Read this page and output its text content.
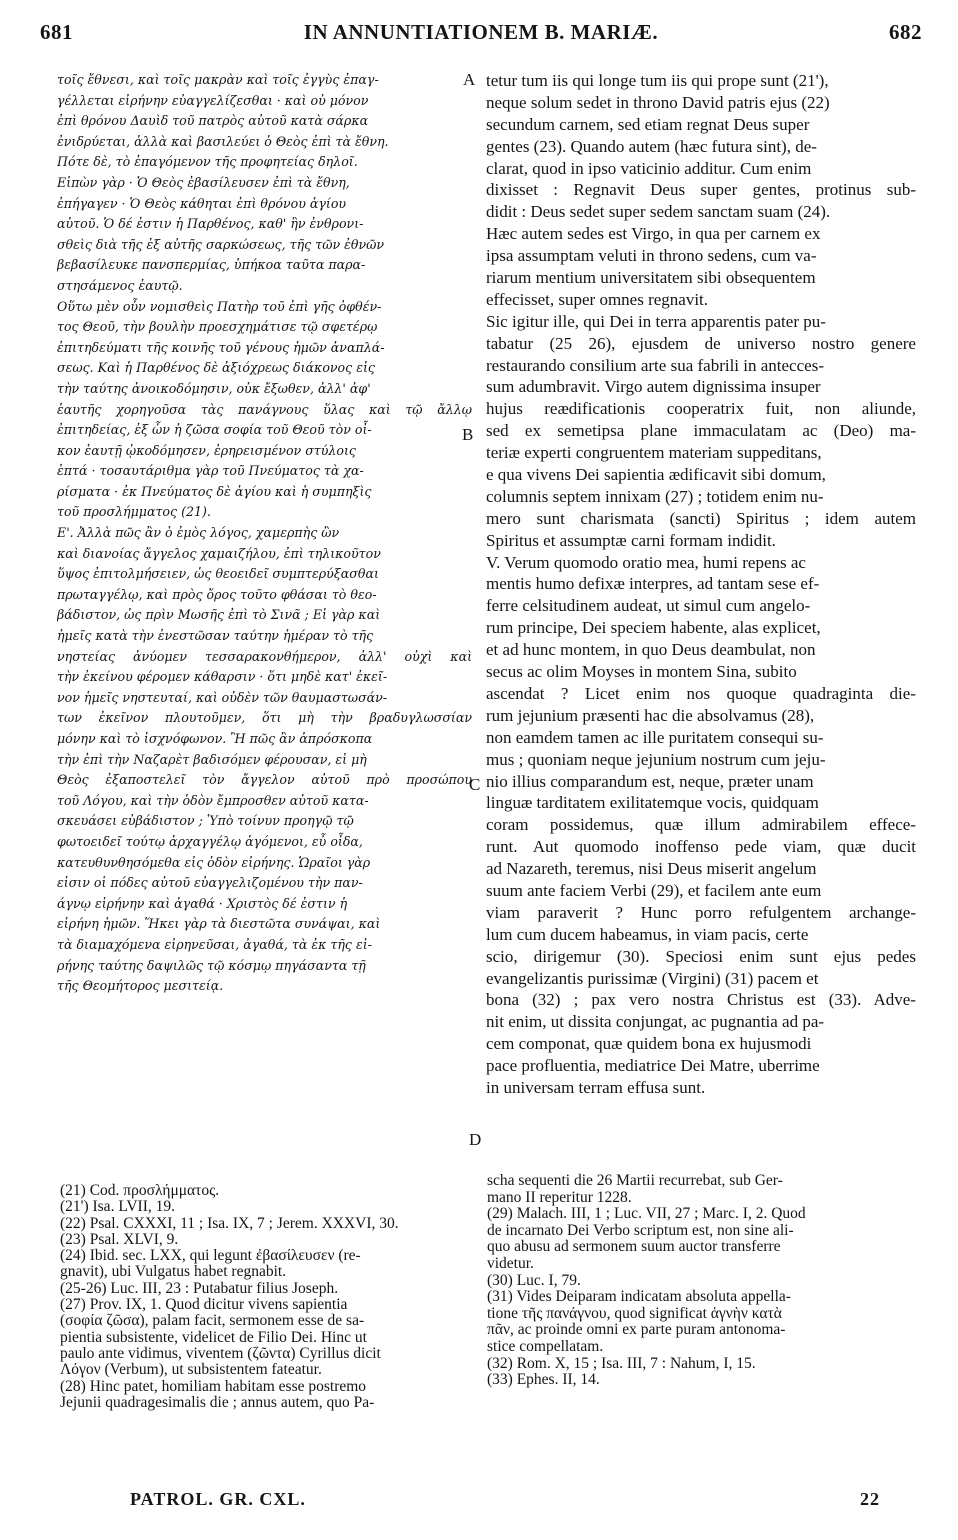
681	IN ANNUNTIATIONEM B. MARIÆ.	682
τοῖς ἔθνεσι, καὶ τοῖς μακρὰν καὶ τοῖς ἐγγὺς ἐπαγ-
γέλλεται εἰρήνην εὐαγγελίζεσθαι · καὶ οὐ μόνον
ἐπὶ θρόνου Δαυὶδ τοῦ πατρὸς αὐτοῦ κατὰ σάρκα
ἐνιδρύεται, ἀλλὰ καὶ βασιλεύει ὁ Θεὸς ἐπὶ τὰ ἔθνη.
Πότε δὲ, τὸ ἐπαγόμενον τῆς προφητείας δηλοῖ.
Εἰπὼν γὰρ · Ὁ Θεὸς ἐβασίλευσεν ἐπὶ τὰ ἔθνη,
ἐπήγαγεν · Ὁ Θεὸς κάθηται ἐπὶ θρόνου ἁγίου
αὐτοῦ. Ὁ δέ ἐστιν ἡ Παρθένος, καθ' ἣν ἐνθρονι-
σθεὶς διὰ τῆς ἐξ αὐτῆς σαρκώσεως, τῆς τῶν ἐθνῶν
βεβασίλευκε πανσπερμίας, ὑπήκοα ταῦτα παρα-
στησάμενος ἑαυτῷ.
Οὕτω μὲν οὖν νομισθεὶς Πατὴρ τοῦ ἐπὶ γῆς ὀφθέν-
τος Θεοῦ, τὴν βουλὴν προεσχημάτισε τῷ σφετέρῳ
ἐπιτηδεύματι τῆς κοινῆς τοῦ γένους ἡμῶν ἀναπλά-
σεως. Καὶ ἡ Παρθένος δὲ ἀξιόχρεως διάκονος εἰς
τὴν ταύτης ἀνοικοδόμησιν, οὐκ ἔξωθεν, ἀλλ' ἀφ'
ἑαυτῆς χορηγοῦσα τὰς πανάγνους ὕλας καὶ τῷ ἄλλῳ
ἐπιτηδείας, ἐξ ὧν ἡ ζῶσα σοφία τοῦ Θεοῦ τὸν οἶ-
κον ἑαυτῇ ᾠκοδόμησεν, ἐρηρεισμένον στύλοις
ἑπτά · τοσαυτάριθμα γὰρ τοῦ Πνεύματος τὰ χα-
ρίσματα · ἐκ Πνεύματος δὲ ἁγίου καὶ ἡ συμπηξὶς
τοῦ προσλήμματος (21).
Ε'. Ἀλλὰ πῶς ἂν ὁ ἐμὸς λόγος, χαμερπὴς ὢν
καὶ διανοίας ἄγγελος χαμαιζήλου, ἐπὶ τηλικοῦτον
ὕψος ἐπιτολμήσειεν, ὡς θεοειδεῖ συμπτερύξασθαι
πρωταγγέλῳ, καὶ πρὸς ὄρος τοῦτο φθάσαι τὸ θεο-
βάδιστον, ὡς πρὶν Μωσῆς ἐπὶ τὸ Σινᾶ ; Εἰ γὰρ καὶ
ἡμεῖς κατὰ τὴν ἐνεστῶσαν ταύτην ἡμέραν τὸ τῆς
νηστείας ἀνύομεν τεσσαρακονθήμερον, ἀλλ' οὐχὶ καὶ
τὴν ἐκείνου φέρομεν κάθαρσιν · ὅτι μηδὲ κατ' ἐκεῖ-
νον ἡμεῖς νηστευταί, καὶ οὐδὲν τῶν θαυμαστωσάν-
των ἐκεῖνον πλουτοῦμεν, ὅτι μὴ τὴν βραδυγλωσσίαν
μόνην καὶ τὸ ἰσχνόφωνον. Ἢ πῶς ἂν ἀπρόσκοπα
τὴν ἐπὶ τὴν Ναζαρὲτ βαδισόμεν φέρουσαν, εἰ μὴ
Θεὸς ἐξαποστελεῖ τὸν ἄγγελον αὐτοῦ πρὸ προσώπου
τοῦ Λόγου, καὶ τὴν ὁδὸν ἔμπροσθεν αὐτοῦ κατα-
σκευάσει εὐβάδιστον ; Ὑπὸ τοίνυν προηγῷ τῷ
φωτοειδεῖ τούτῳ ἀρχαγγέλῳ ἀγόμενοι, εὖ οἶδα,
κατευθυνθησόμεθα εἰς ὁδὸν εἰρήνης. Ὡραῖοι γὰρ
εἰσιν οἱ πόδες αὐτοῦ εὐαγγελιζομένου τὴν παν-
άγνῳ εἰρήνην καὶ ἀγαθά · Χριστὸς δέ ἐστιν ἡ
εἰρήνη ἡμῶν. Ἥκει γὰρ τὰ διεστῶτα συνάψαι, καὶ
τὰ διαμαχόμενα εἰρηνεῦσαι, ἀγαθά, τὰ ἐκ τῆς εἰ-
ρήνης ταύτης δαψιλῶς τῷ κόσμῳ πηγάσαντα τῇ
τῆς Θεομήτορος μεσιτείᾳ.
tetur tum iis qui longe tum iis qui prope sunt (21'),
neque solum sedet in throno David patris ejus (22)
secundum carnem, sed etiam regnat Deus super
gentes (23). Quando autem (hæc futura sint), de-
clarat, quod in ipso vaticinio additur. Cum enim
dixisset : Regnavit Deus super gentes, protinus sub-
didit : Deus sedet super sedem sanctam suam (24).
Hæc autem sedes est Virgo, in qua per carnem ex
ipsa assumptam veluti in throno sedens, cum va-
riarum mentium universitatem sibi obsequentem
effecisset, super omnes regnavit.
Sic igitur ille, qui Dei in terra apparentis pater pu-
tabatur (25 26), ejusdem de universo nostro genere
restaurando consilium arte sua fabrili in antecces-
sum adumbravit. Virgo autem dignissima insuper
hujus reædificationis cooperatrix fuit, non aliunde,
sed ex semetipsa plane immaculatam ac (Deo) ma-
teriæ experti congruentem materiam suppeditans,
e qua vivens Dei sapientia ædificavit sibi domum,
columnis septem innixam (27) ; totidem enim nu-
mero sunt charismata (sancti) Spiritus ; idem autem
Spiritus et assumptæ carni formam indidit.
V. Verum quomodo oratio mea, humi repens ac
mentis humo defixæ interpres, ad tantam sese ef-
ferre celsitudinem audeat, ut simul cum angelo-
rum principe, Dei speciem habente, alas explicet,
et ad hunc montem, in quo Deus deambulat, non
secus ac olim Moyses in montem Sina, subito
ascendat ? Licet enim nos quoque quadraginta die-
rum jejunium præsenti hac die absolvamus (28),
non eamdem tamen ac ille puritatem consequi su-
mus ; quoniam neque jejunium nostrum cum jeju-
nio illius comparandum est, neque, præter unam
linguæ tarditatem exilitatemque vocis, quidquam
coram possidemus, quæ illum admirabilem effece-
runt. Aut quomodo inoffenso pede viam, quæ ducit
ad Nazareth, teremus, nisi Deus miserit angelum
suum ante faciem Verbi (29), et facilem ante eum
viam paraverit ? Hunc porro refulgentem archange-
lum cum ducem habeamus, in viam pacis, certe
scio, dirigemur (30). Speciosi enim sunt ejus pedes
evangelizantis purissimæ (Virgini) (31) pacem et
bona (32) ; pax vero nostra Christus est (33). Adve-
nit enim, ut dissita conjungat, ac pugnantia ad pa-
cem componat, quæ quidem bona ex hujusmodi
pace profluentia, mediatrice Dei Matre, uberrime
in universam terram effusa sunt.
A
B
C
D
(21) Cod. προσλήμματος.
(21') Isa. LVII, 19.
(22) Psal. CXXXI, 11 ; Isa. IX, 7 ; Jerem. XXXVI, 30.
(23) Psal. XLVI, 9.
(24) Ibid. sec. LXX, qui legunt ἐβασίλευσεν (re-
gnavit), ubi Vulgatus habet regnabit.
(25-26) Luc. III, 23 : Putabatur filius Joseph.
(27) Prov. IX, 1. Quod dicitur vivens sapientia
(σοφία ζῶσα), palam facit, sermonem esse de sa-
pientia subsistente, videlicet de Filio Dei. Hinc ut
paulo ante vidimus, viventem (ζῶντα) Cyrillus dicit
Λόγον (Verbum), ut subsistentem fateatur.
(28) Hinc patet, homiliam habitam esse postremo
Jejunii quadragesimalis die ; annus autem, quo Pa-
scha sequenti die 26 Martii recurrebat, sub Ger-
mano II reperitur 1228.
(29) Malach. III, 1 ; Luc. VII, 27 ; Marc. I, 2. Quod
de incarnato Dei Verbo scriptum est, non sine ali-
quo abusu ad sermonem suum auctor transferre
videtur.
(30) Luc. I, 79.
(31) Vides Deiparam indicatam absoluta appella-
tione τῆς πανάγνου, quod significat ἁγνὴν κατὰ
πᾶν, ac proinde omni ex parte puram antonoma-
stice compellatam.
(32) Rom. X, 15 ; Isa. III, 7 : Nahum, I, 15.
(33) Ephes. II, 14.
PATROL. GR. CXL.	22
